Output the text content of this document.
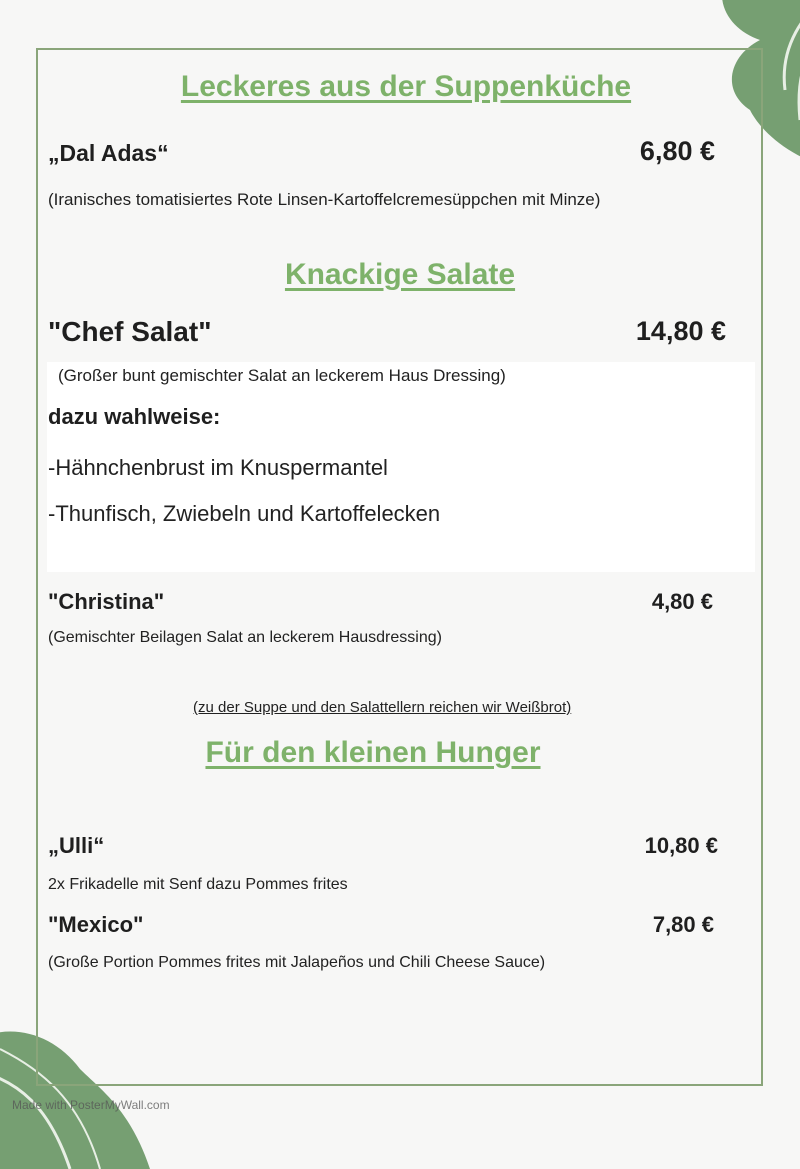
Leckeres aus der Suppenküche
„Dal Adas“	6,80 €
(Iranisches tomatisiertes Rote Linsen-Kartoffelcremesüppchen mit Minze)
Knackige Salate
"Chef Salat"	14,80 €
(Großer bunt gemischter Salat an leckerem Haus Dressing)
dazu wahlweise:
-Hähnchenbrust im Knuspermantel
-Thunfisch, Zwiebeln und Kartoffelecken
"Christina"	4,80 €
(Gemischter Beilagen Salat an leckerem Hausdressing)
(zu der Suppe und den Salattellern reichen wir Weißbrot)
Für den kleinen Hunger
„Ulli“	10,80 €
2x Frikadelle mit Senf dazu Pommes frites
"Mexico"	7,80 €
(Große Portion Pommes frites mit Jalapeños und Chili Cheese Sauce)
Made with PosterMyWall.com
